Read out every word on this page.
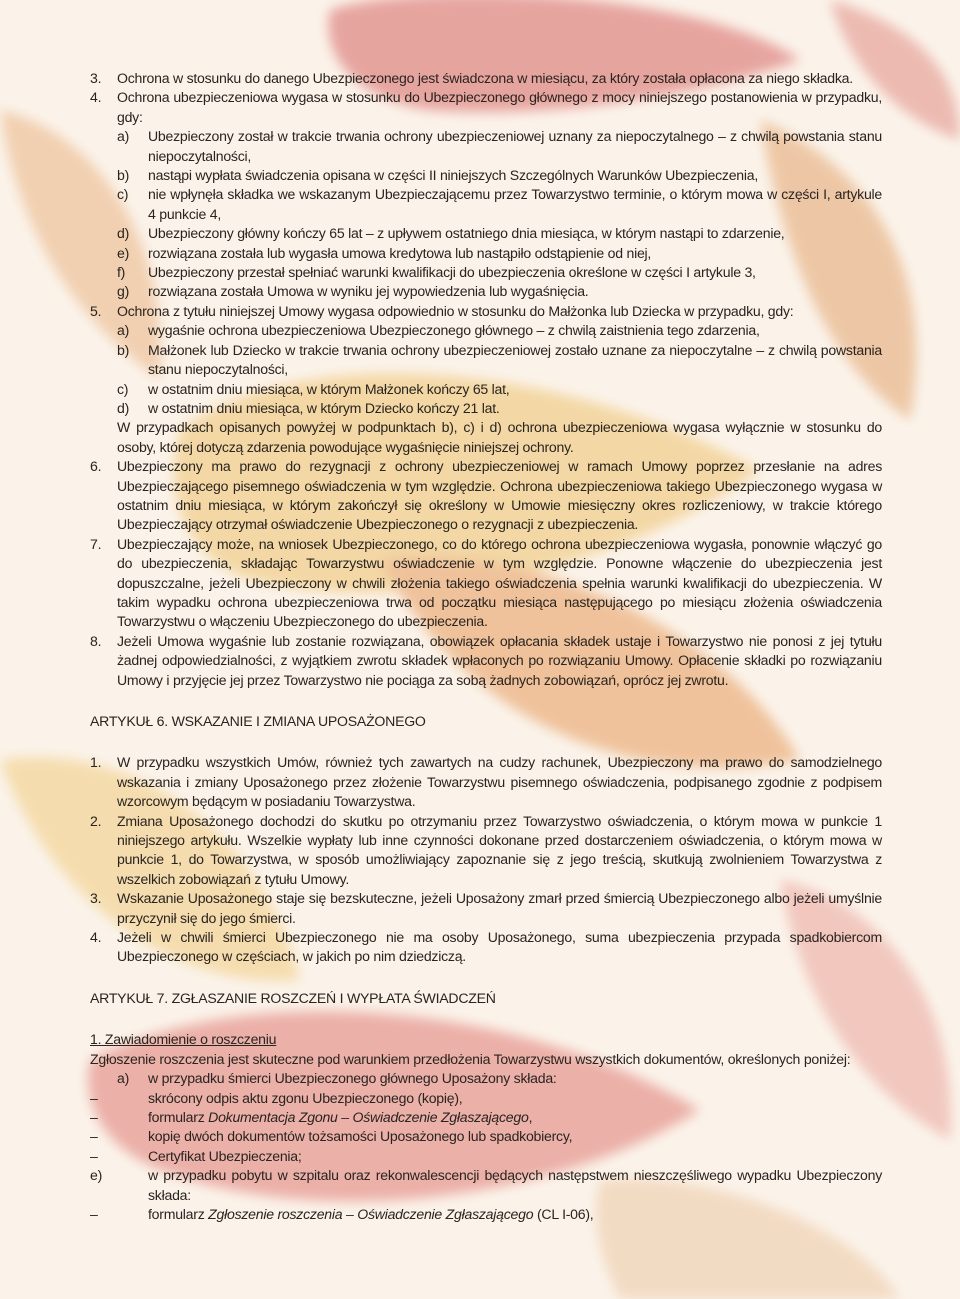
3. Ochrona w stosunku do danego Ubezpieczonego jest świadczona w miesiącu, za który została opłacona za niego składka.
4. Ochrona ubezpieczeniowa wygasa w stosunku do Ubezpieczonego głównego z mocy niniejszego postanowienia w przypadku, gdy:
a) Ubezpieczony został w trakcie trwania ochrony ubezpieczeniowej uznany za niepoczytalnego – z chwilą powstania stanu niepoczytalności,
b) nastąpi wypłata świadczenia opisana w części II niniejszych Szczególnych Warunków Ubezpieczenia,
c) nie wpłynęła składka we wskazanym Ubezpieczającemu przez Towarzystwo terminie, o którym mowa w części I, artykule 4 punkcie 4,
d) Ubezpieczony główny kończy 65 lat – z upływem ostatniego dnia miesiąca, w którym nastąpi to zdarzenie,
e) rozwiązana została lub wygasła umowa kredytowa lub nastąpiło odstąpienie od niej,
f) Ubezpieczony przestał spełniać warunki kwalifikacji do ubezpieczenia określone w części I artykule 3,
g) rozwiązana została Umowa w wyniku jej wypowiedzenia lub wygaśnięcia.
5. Ochrona z tytułu niniejszej Umowy wygasa odpowiednio w stosunku do Małżonka lub Dziecka w przypadku, gdy:
a) wygaśnie ochrona ubezpieczeniowa Ubezpieczonego głównego – z chwilą zaistnienia tego zdarzenia,
b) Małżonek lub Dziecko w trakcie trwania ochrony ubezpieczeniowej zostało uznane za niepoczytalne – z chwilą powstania stanu niepoczytalności,
c) w ostatnim dniu miesiąca, w którym Małżonek kończy 65 lat,
d) w ostatnim dniu miesiąca, w którym Dziecko kończy 21 lat.
W przypadkach opisanych powyżej w podpunktach b), c) i d) ochrona ubezpieczeniowa wygasa wyłącznie w stosunku do osoby, której dotyczą zdarzenia powodujące wygaśnięcie niniejszej ochrony.
6. Ubezpieczony ma prawo do rezygnacji z ochrony ubezpieczeniowej w ramach Umowy poprzez przesłanie na adres Ubezpieczającego pisemnego oświadczenia w tym względzie. Ochrona ubezpieczeniowa takiego Ubezpieczonego wygasa w ostatnim dniu miesiąca, w którym zakończył się określony w Umowie miesięczny okres rozliczeniowy, w trakcie którego Ubezpieczający otrzymał oświadczenie Ubezpieczonego o rezygnacji z ubezpieczenia.
7. Ubezpieczający może, na wniosek Ubezpieczonego, co do którego ochrona ubezpieczeniowa wygasła, ponownie włączyć go do ubezpieczenia, składając Towarzystwu oświadczenie w tym względzie. Ponowne włączenie do ubezpieczenia jest dopuszczalne, jeżeli Ubezpieczony w chwili złożenia takiego oświadczenia spełnia warunki kwalifikacji do ubezpieczenia. W takim wypadku ochrona ubezpieczeniowa trwa od początku miesiąca następującego po miesiącu złożenia oświadczenia Towarzystwu o włączeniu Ubezpieczonego do ubezpieczenia.
8. Jeżeli Umowa wygaśnie lub zostanie rozwiązana, obowiązek opłacania składek ustaje i Towarzystwo nie ponosi z jej tytułu żadnej odpowiedzialności, z wyjątkiem zwrotu składek wpłaconych po rozwiązaniu Umowy. Opłacenie składki po rozwiązaniu Umowy i przyjęcie jej przez Towarzystwo nie pociąga za sobą żadnych zobowiązań, oprócz jej zwrotu.
ARTYKUŁ 6. WSKAZANIE I ZMIANA UPOSAŻONEGO
1. W przypadku wszystkich Umów, również tych zawartych na cudzy rachunek, Ubezpieczony ma prawo do samodzielnego wskazania i zmiany Uposażonego przez złożenie Towarzystwu pisemnego oświadczenia, podpisanego zgodnie z podpisem wzorcowym będącym w posiadaniu Towarzystwa.
2. Zmiana Uposażonego dochodzi do skutku po otrzymaniu przez Towarzystwo oświadczenia, o którym mowa w punkcie 1 niniejszego artykułu. Wszelkie wypłaty lub inne czynności dokonane przed dostarczeniem oświadczenia, o którym mowa w punkcie 1, do Towarzystwa, w sposób umożliwiający zapoznanie się z jego treścią, skutkują zwolnieniem Towarzystwa z wszelkich zobowiązań z tytułu Umowy.
3. Wskazanie Uposażonego staje się bezskuteczne, jeżeli Uposażony zmarł przed śmiercią Ubezpieczonego albo jeżeli umyślnie przyczynił się do jego śmierci.
4. Jeżeli w chwili śmierci Ubezpieczonego nie ma osoby Uposażonego, suma ubezpieczenia przypada spadkobiercom Ubezpieczonego w częściach, w jakich po nim dziedziczą.
ARTYKUŁ 7. ZGŁASZANIE ROSZCZEŃ I WYPŁATA ŚWIADCZEŃ
1. Zawiadomienie o roszczeniu
Zgłoszenie roszczenia jest skuteczne pod warunkiem przedłożenia Towarzystwu wszystkich dokumentów, określonych poniżej:
a) w przypadku śmierci Ubezpieczonego głównego Uposażony składa:
–	skrócony odpis aktu zgonu Ubezpieczonego (kopię),
–	formularz Dokumentacja Zgonu – Oświadczenie Zgłaszającego,
–	kopię dwóch dokumentów tożsamości Uposażonego lub spadkobiercy,
–	Certyfikat Ubezpieczenia;
e)	w przypadku pobytu w szpitalu oraz rekonwalescencji będących następstwem nieszczęśliwego wypadku Ubezpieczony składa:
–	formularz Zgłoszenie roszczenia – Oświadczenie Zgłaszającego (CL I-06),
